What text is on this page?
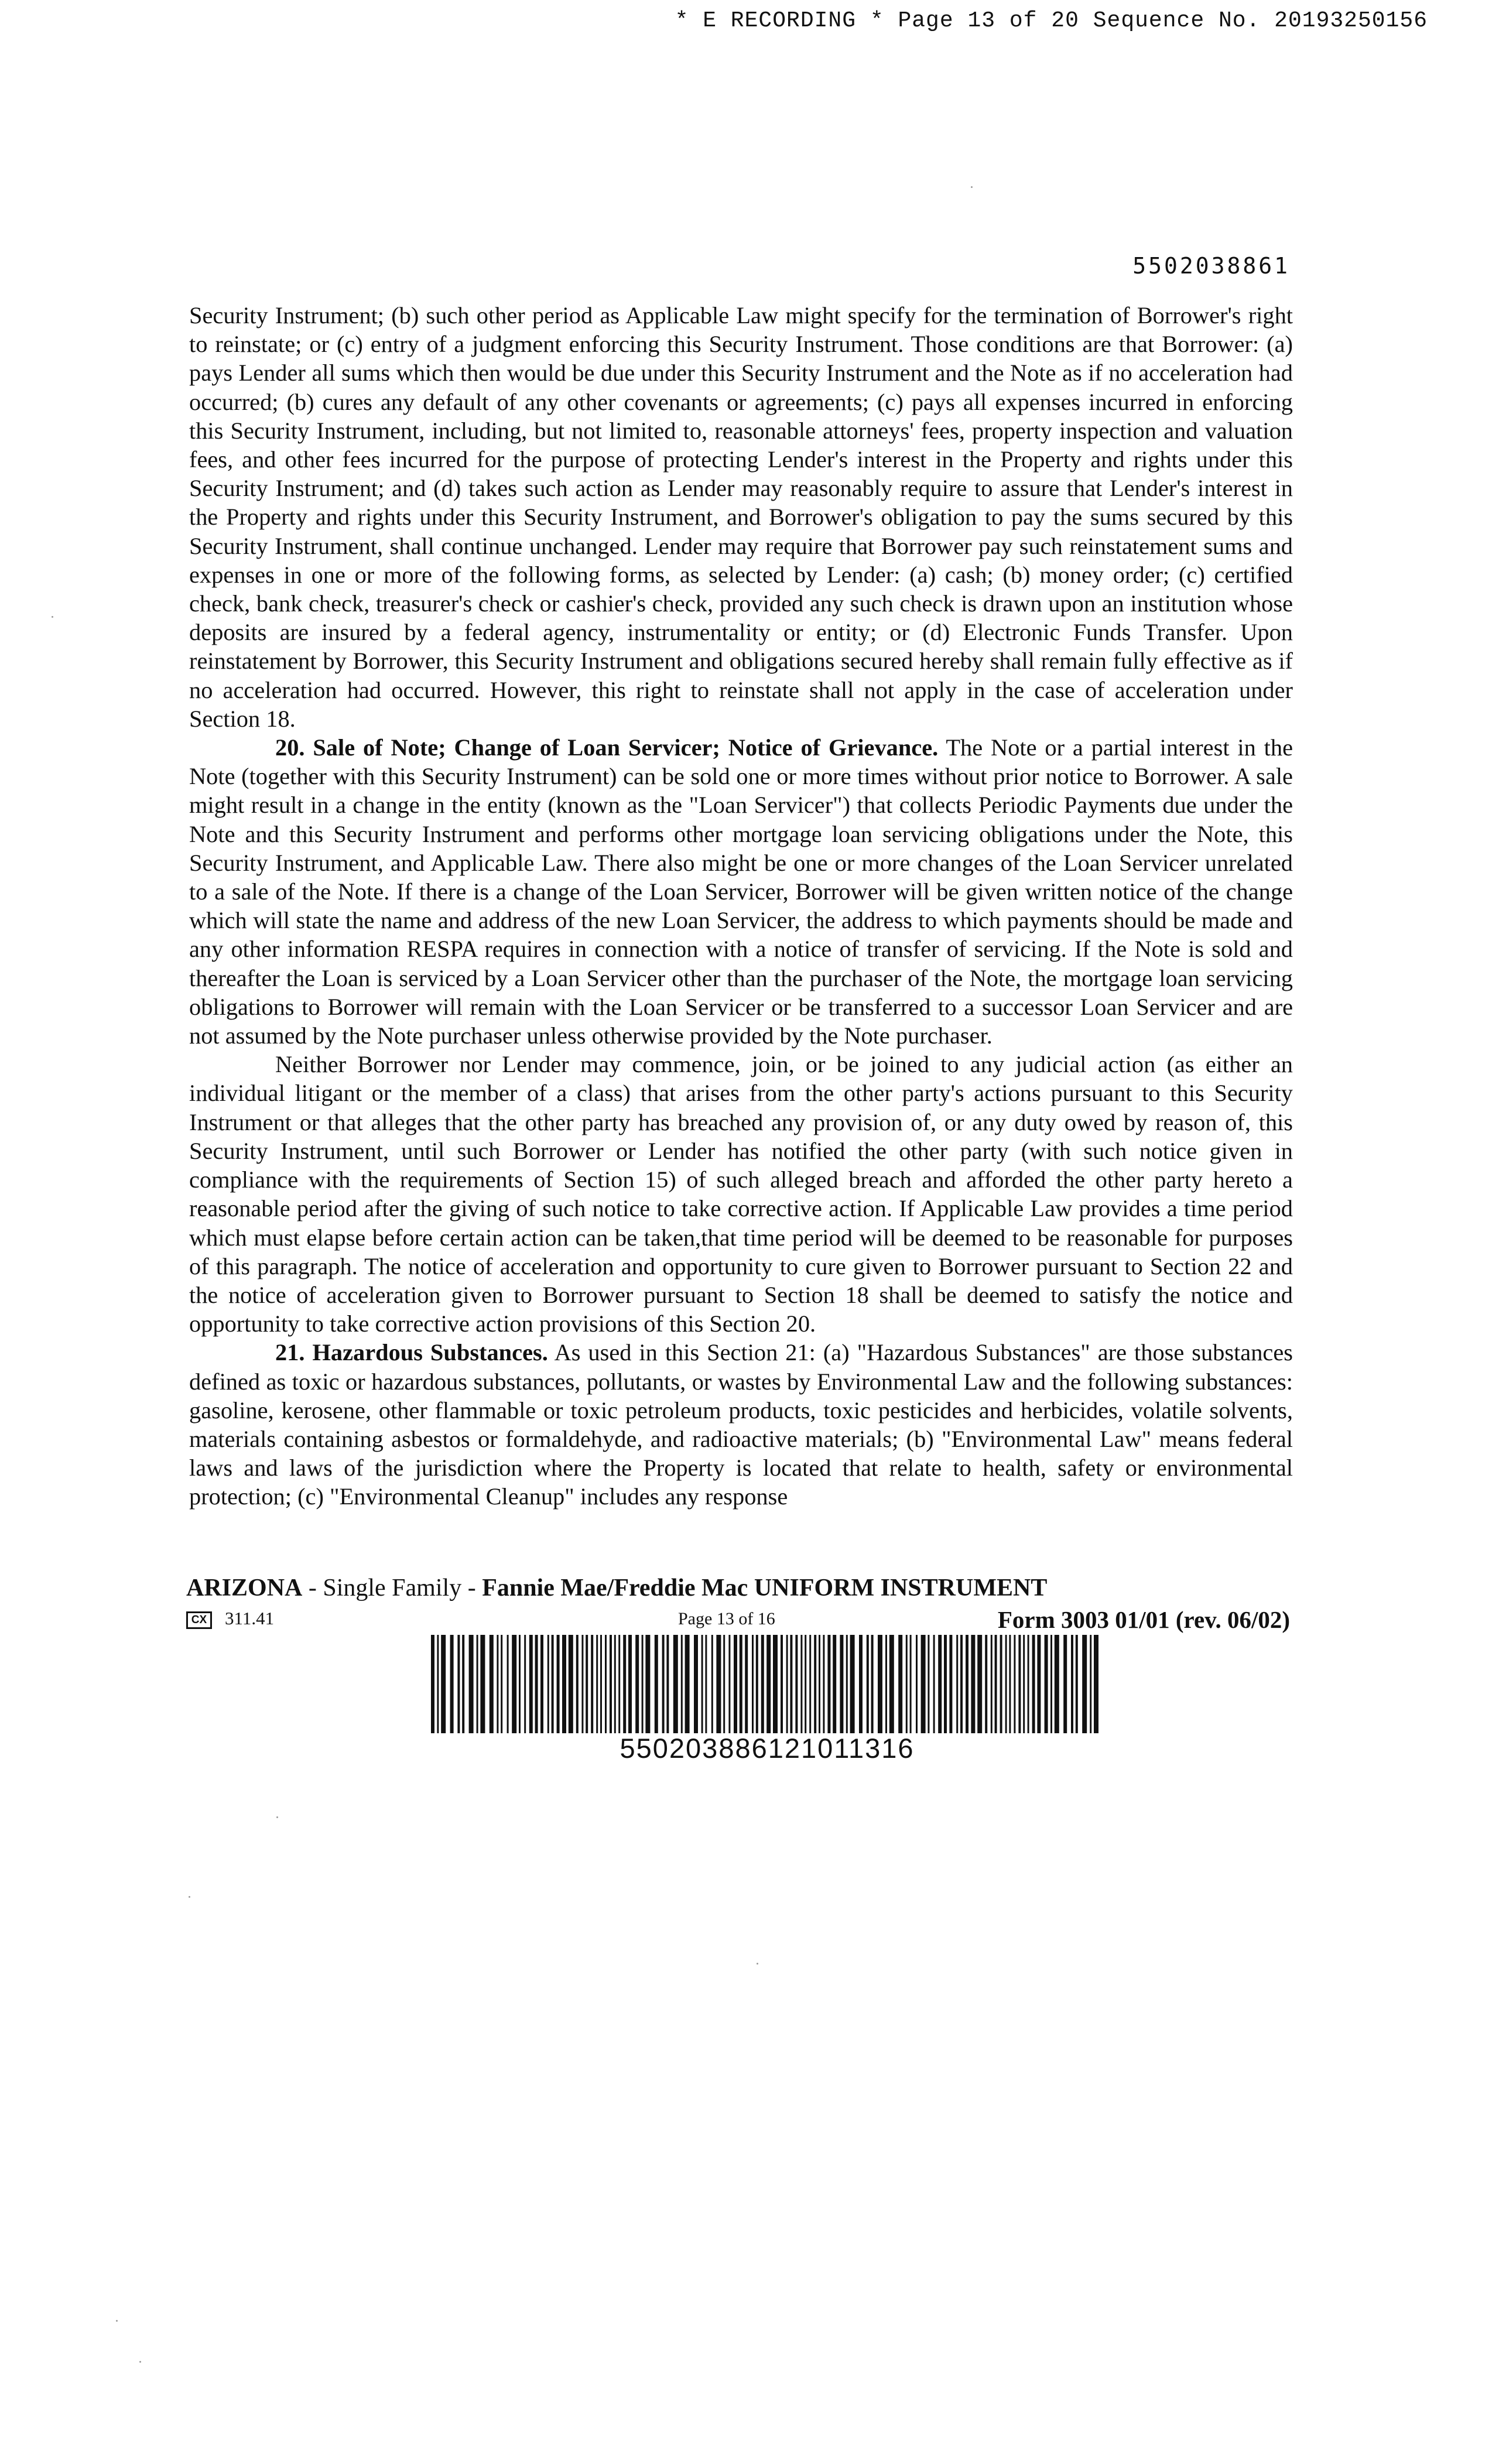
* E RECORDING * Page 13 of 20 Sequence No. 20193250156
5502038861

Security Instrument; (b) such other period as Applicable Law might specify for the termination of Borrower's right to reinstate; or (c) entry of a judgment enforcing this Security Instrument. Those conditions are that Borrower: (a) pays Lender all sums which then would be due under this Security Instrument and the Note as if no acceleration had occurred; (b) cures any default of any other covenants or agreements; (c) pays all expenses incurred in enforcing this Security Instrument, including, but not limited to, reasonable attorneys' fees, property inspection and valuation fees, and other fees incurred for the purpose of protecting Lender's interest in the Property and rights under this Security Instrument; and (d) takes such action as Lender may reasonably require to assure that Lender's interest in the Property and rights under this Security Instrument, and Borrower's obligation to pay the sums secured by this Security Instrument, shall continue unchanged. Lender may require that Borrower pay such reinstatement sums and expenses in one or more of the following forms, as selected by Lender: (a) cash; (b) money order; (c) certified check, bank check, treasurer's check or cashier's check, provided any such check is drawn upon an institution whose deposits are insured by a federal agency, instrumentality or entity; or (d) Electronic Funds Transfer. Upon reinstatement by Borrower, this Security Instrument and obligations secured hereby shall remain fully effective as if no acceleration had occurred. However, this right to reinstate shall not apply in the case of acceleration under Section 18.

20. Sale of Note; Change of Loan Servicer; Notice of Grievance. The Note or a partial interest in the Note (together with this Security Instrument) can be sold one or more times without prior notice to Borrower. A sale might result in a change in the entity (known as the "Loan Servicer") that collects Periodic Payments due under the Note and this Security Instrument and performs other mortgage loan servicing obligations under the Note, this Security Instrument, and Applicable Law. There also might be one or more changes of the Loan Servicer unrelated to a sale of the Note. If there is a change of the Loan Servicer, Borrower will be given written notice of the change which will state the name and address of the new Loan Servicer, the address to which payments should be made and any other information RESPA requires in connection with a notice of transfer of servicing. If the Note is sold and thereafter the Loan is serviced by a Loan Servicer other than the purchaser of the Note, the mortgage loan servicing obligations to Borrower will remain with the Loan Servicer or be transferred to a successor Loan Servicer and are not assumed by the Note purchaser unless otherwise provided by the Note purchaser.

Neither Borrower nor Lender may commence, join, or be joined to any judicial action (as either an individual litigant or the member of a class) that arises from the other party's actions pursuant to this Security Instrument or that alleges that the other party has breached any provision of, or any duty owed by reason of, this Security Instrument, until such Borrower or Lender has notified the other party (with such notice given in compliance with the requirements of Section 15) of such alleged breach and afforded the other party hereto a reasonable period after the giving of such notice to take corrective action. If Applicable Law provides a time period which must elapse before certain action can be taken,that time period will be deemed to be reasonable for purposes of this paragraph. The notice of acceleration and opportunity to cure given to Borrower pursuant to Section 22 and the notice of acceleration given to Borrower pursuant to Section 18 shall be deemed to satisfy the notice and opportunity to take corrective action provisions of this Section 20.

21. Hazardous Substances. As used in this Section 21: (a) "Hazardous Substances" are those substances defined as toxic or hazardous substances, pollutants, or wastes by Environmental Law and the following substances: gasoline, kerosene, other flammable or toxic petroleum products, toxic pesticides and herbicides, volatile solvents, materials containing asbestos or formaldehyde, and radioactive materials; (b) "Environmental Law" means federal laws and laws of the jurisdiction where the Property is located that relate to health, safety or environmental protection; (c) "Environmental Cleanup" includes any response

ARIZONA - Single Family - Fannie Mae/Freddie Mac UNIFORM INSTRUMENT
CX 311.41	Page 13 of 16	Form 3003 01/01 (rev. 06/02)
550203886121011316
